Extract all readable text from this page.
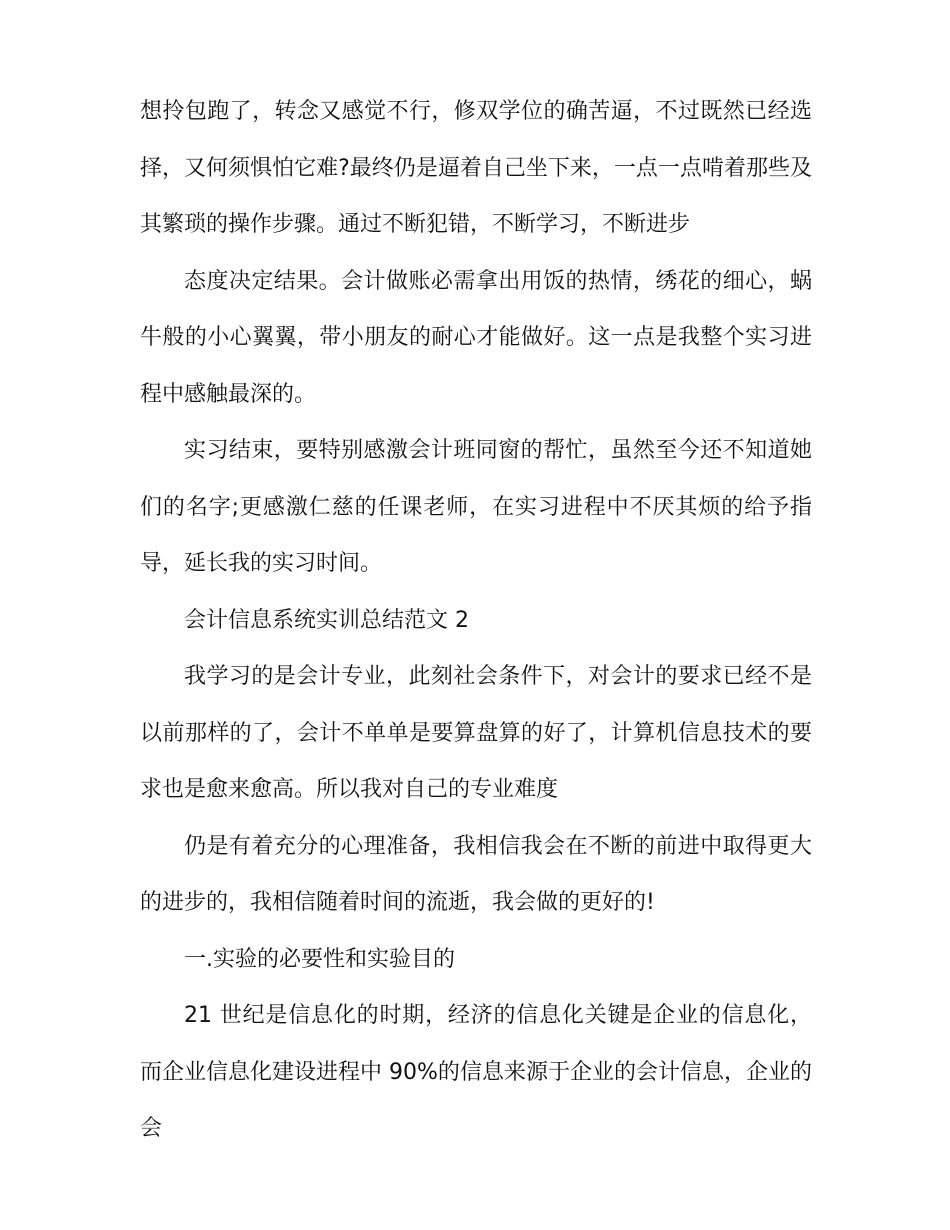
想拎包跑了，转念又感觉不行，修双学位的确苦逼，不过既然已经选择，又何须惧怕它难?最终仍是逼着自己坐下来，一点一点啃着那些及其繁琐的操作步骤。通过不断犯错，不断学习，不断进步

态度决定结果。会计做账必需拿出用饭的热情，绣花的细心，蜗牛般的小心翼翼，带小朋友的耐心才能做好。这一点是我整个实习进程中感触最深的。

实习结束，要特别感激会计班同窗的帮忙，虽然至今还不知道她们的名字;更感激仁慈的任课老师，在实习进程中不厌其烦的给予指导，延长我的实习时间。

会计信息系统实训总结范文 2

我学习的是会计专业，此刻社会条件下，对会计的要求已经不是以前那样的了，会计不单单是要算盘算的好了，计算机信息技术的要求也是愈来愈高。所以我对自己的专业难度

仍是有着充分的心理准备，我相信我会在不断的前进中取得更大的进步的，我相信随着时间的流逝，我会做的更好的!

一.实验的必要性和实验目的

21 世纪是信息化的时期，经济的信息化关键是企业的信息化，而企业信息化建设进程中 90%的信息来源于企业的会计信息，企业的会
